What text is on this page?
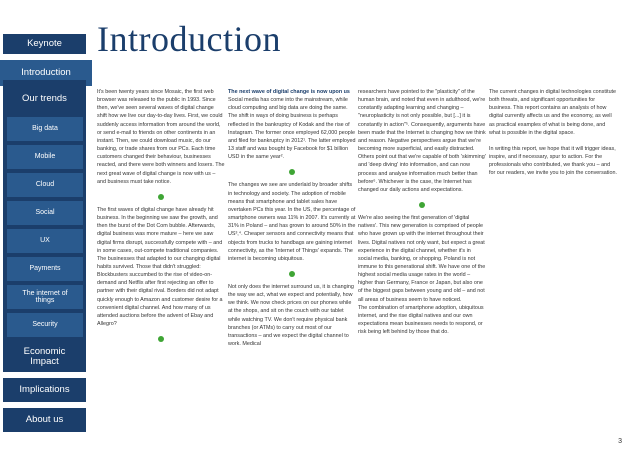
Keynote
Introduction
Our trends
Big data
Mobile
Cloud
Social
UX
Payments
The internet of things
Security
Economic Impact
Implications
About us
Introduction

It's been twenty years since Mosaic, the first web browser was released to the public in 1993. Since then, we've seen several waves of digital change shift how we live our day-to-day lives. First, we could suddenly access information from around the world, or send e-mail to friends on other continents in an instant. Then, we could download music, do our banking, or trade shares from our PCs. Each time customers changed their behaviour, businesses reacted, and there were both winners and losers. The next great wave of digital change is now with us – and business must take notice.

The first waves of digital change have already hit business. In the beginning we saw the growth, and then the burst of the Dot Com bubble. Afterwards, digital business was more mature – here we saw digital firms disrupt, successfully compete with – and in some cases, out-compete traditional companies. The businesses that adapted to our changing digital habits survived. Those that didn't struggled: Blockbusters succumbed to the rise of video-on-demand and Netflix after first rejecting an offer to partner with their digital rival. Borders did not adapt quickly enough to Amazon and customer desire for a convenient digital channel. And how many of us attended auctions before the advent of Ebay and Allegro?

The next wave of digital change is now upon us

Social media has come into the mainstream, while cloud computing and big data are doing the same. The shift in ways of doing business is perhaps reflected in the bankruptcy of Kodak and the rise of Instagram. The former once employed 62,000 people and filed for bankruptcy in 2012¹. The latter employed 13 staff and was bought by Facebook for $1 billion USD in the same year².

The changes we see are underlaid by broader shifts in technology and society. The adoption of mobile means that smartphone and tablet sales have overtaken PCs this year. In the US, the percentage of smartphone owners was 11% in 2007. It's currently at 31% in Poland – and has grown to around 50% in the US³,⁴. Cheaper sensors and connectivity means that objects from trucks to handbags are gaining internet connectivity, as the 'Internet of Things' expands. The internet is becoming ubiquitous.

Not only does the internet surround us, it is changing the way we act, what we expect and potentially, how we think. We now check prices on our phones while at the shops, and sit on the couch with our tablet while watching TV. We don't require physical bank branches (or ATMs) to carry out most of our transactions – and we expect the digital channel to work. Medical

researchers have pointed to the "plasticity" of the human brain, and noted that even in adulthood, we're constantly adapting learning and changing – "neuroplasticity is not only possible, but [...] it is constantly in action"⁵. Consequently, arguments have been made that the Internet is changing how we think and reason. Negative perspectives argue that we're becoming more superficial, and easily distracted. Others point out that we're capable of both 'skimming' and 'deep diving' into information, and can now process and analyse information much better than before⁶. Whichever is the case, the Internet has changed our daily actions and expectations.

We're also seeing the first generation of 'digital natives'. This new generation is comprised of people who have grown up with the internet throughout their lives. Digital natives not only want, but expect a great experience in the digital channel, whether it's in social media, banking, or shopping. Poland is not immune to this generational shift. We have one of the highest social media usage rates in the world – higher than Germany, France or Japan, but also one of the biggest gaps between young and old – and not all areas of business seem to have noticed.

The combination of smartphone adoption, ubiquitous internet, and the rise digital natives and our own expectations mean businesses needs to respond, or risk being left behind by those that do.

The current changes in digital technologies constitute both threats, and significant opportunities for business. This report contains an analysis of how digital currently affects us and the economy, as well as practical examples of what is being done, and what is possible in the digital space.

In writing this report, we hope that it will trigger ideas, inspire, and if necessary, spur to action. For the professionals who contributed, we thank you – and for our readers, we invite you to join the conversation.

3
